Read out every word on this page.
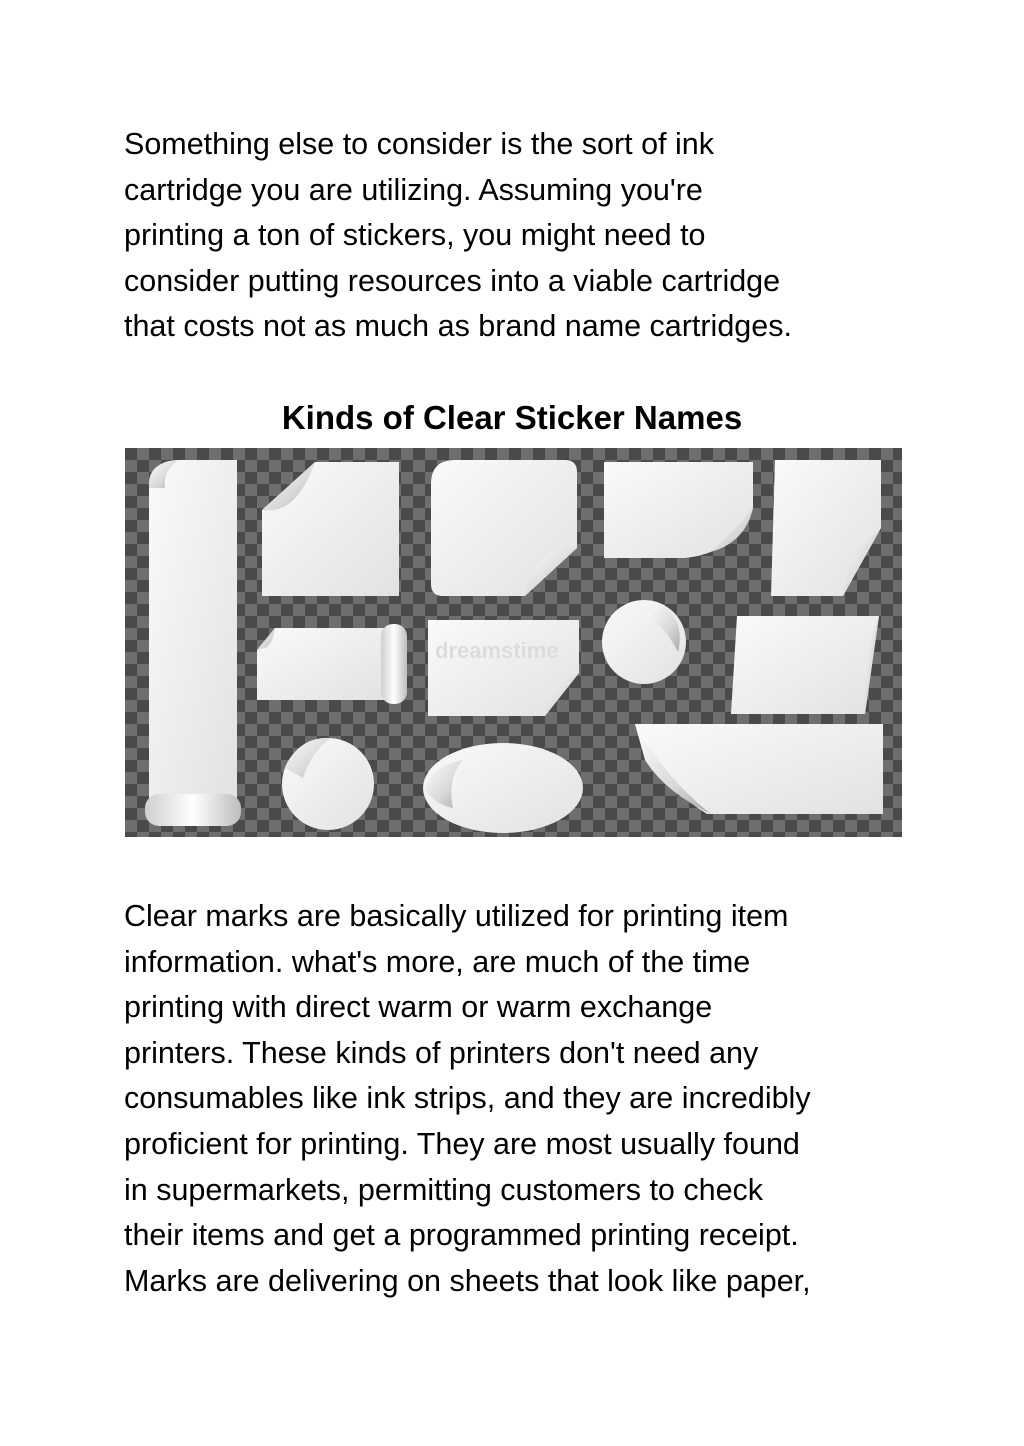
Something else to consider is the sort of ink
cartridge you are utilizing. Assuming you're
printing a ton of stickers, you might need to
consider putting resources into a viable cartridge
that costs not as much as brand name cartridges.
Kinds of Clear Sticker Names
dreamstime
Clear marks are basically utilized for printing item
information. what's more, are much of the time
printing with direct warm or warm exchange
printers. These kinds of printers don't need any
consumables like ink strips, and they are incredibly
proficient for printing. They are most usually found
in supermarkets, permitting customers to check
their items and get a programmed printing receipt.
Marks are delivering on sheets that look like paper,
